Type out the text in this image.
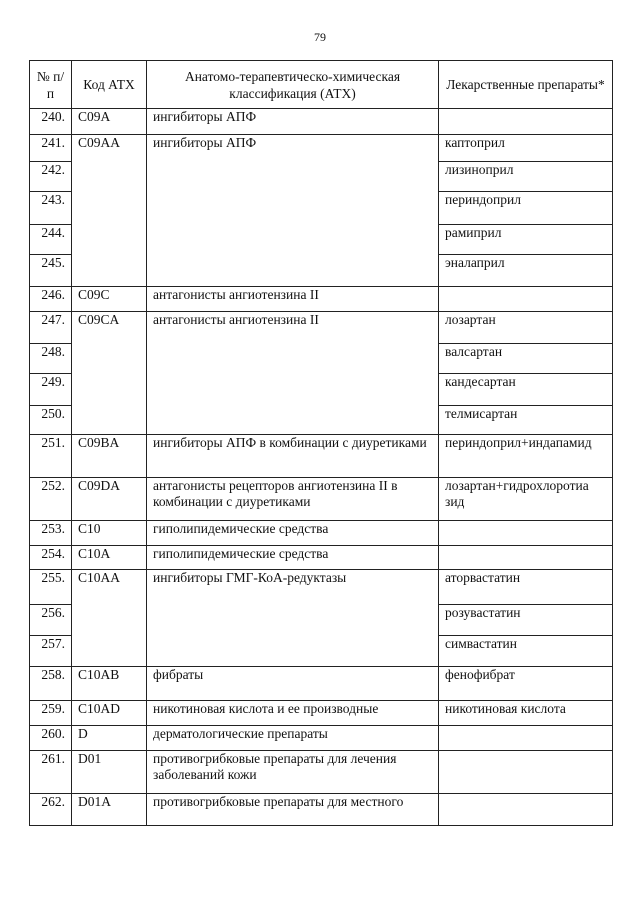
79
№ п/п	Код АТХ	Анатомо-терапевтическо-химическая классификация (АТХ)	Лекарственные препараты*
240.	C09A	ингибиторы АПФ	
241.	C09AA	ингибиторы АПФ	каптоприл
242.			лизиноприл
243.			периндоприл
244.			рамиприл
245.			эналаприл
246.	C09C	антагонисты ангиотензина II	
247.	C09CA	антагонисты ангиотензина II	лозартан
248.			валсартан
249.			кандесартан
250.			телмисартан
251.	C09BA	ингибиторы АПФ в комбинации с диуретиками	периндоприл+индапамид
252.	C09DA	антагонисты рецепторов ангиотензина II в комбинации с диуретиками	лозартан+гидрохлоротиа зид
253.	C10	гиполипидемические средства	
254.	C10A	гиполипидемические средства	
255.	C10AA	ингибиторы ГМГ-КоА-редуктазы	аторвастатин
256.			розувастатин
257.			симвастатин
258.	C10AB	фибраты	фенофибрат
259.	C10AD	никотиновая кислота и ее производные	никотиновая кислота
260.	D	дерматологические препараты	
261.	D01	противогрибковые препараты для лечения заболеваний кожи	
262.	D01A	противогрибковые препараты для местного	
